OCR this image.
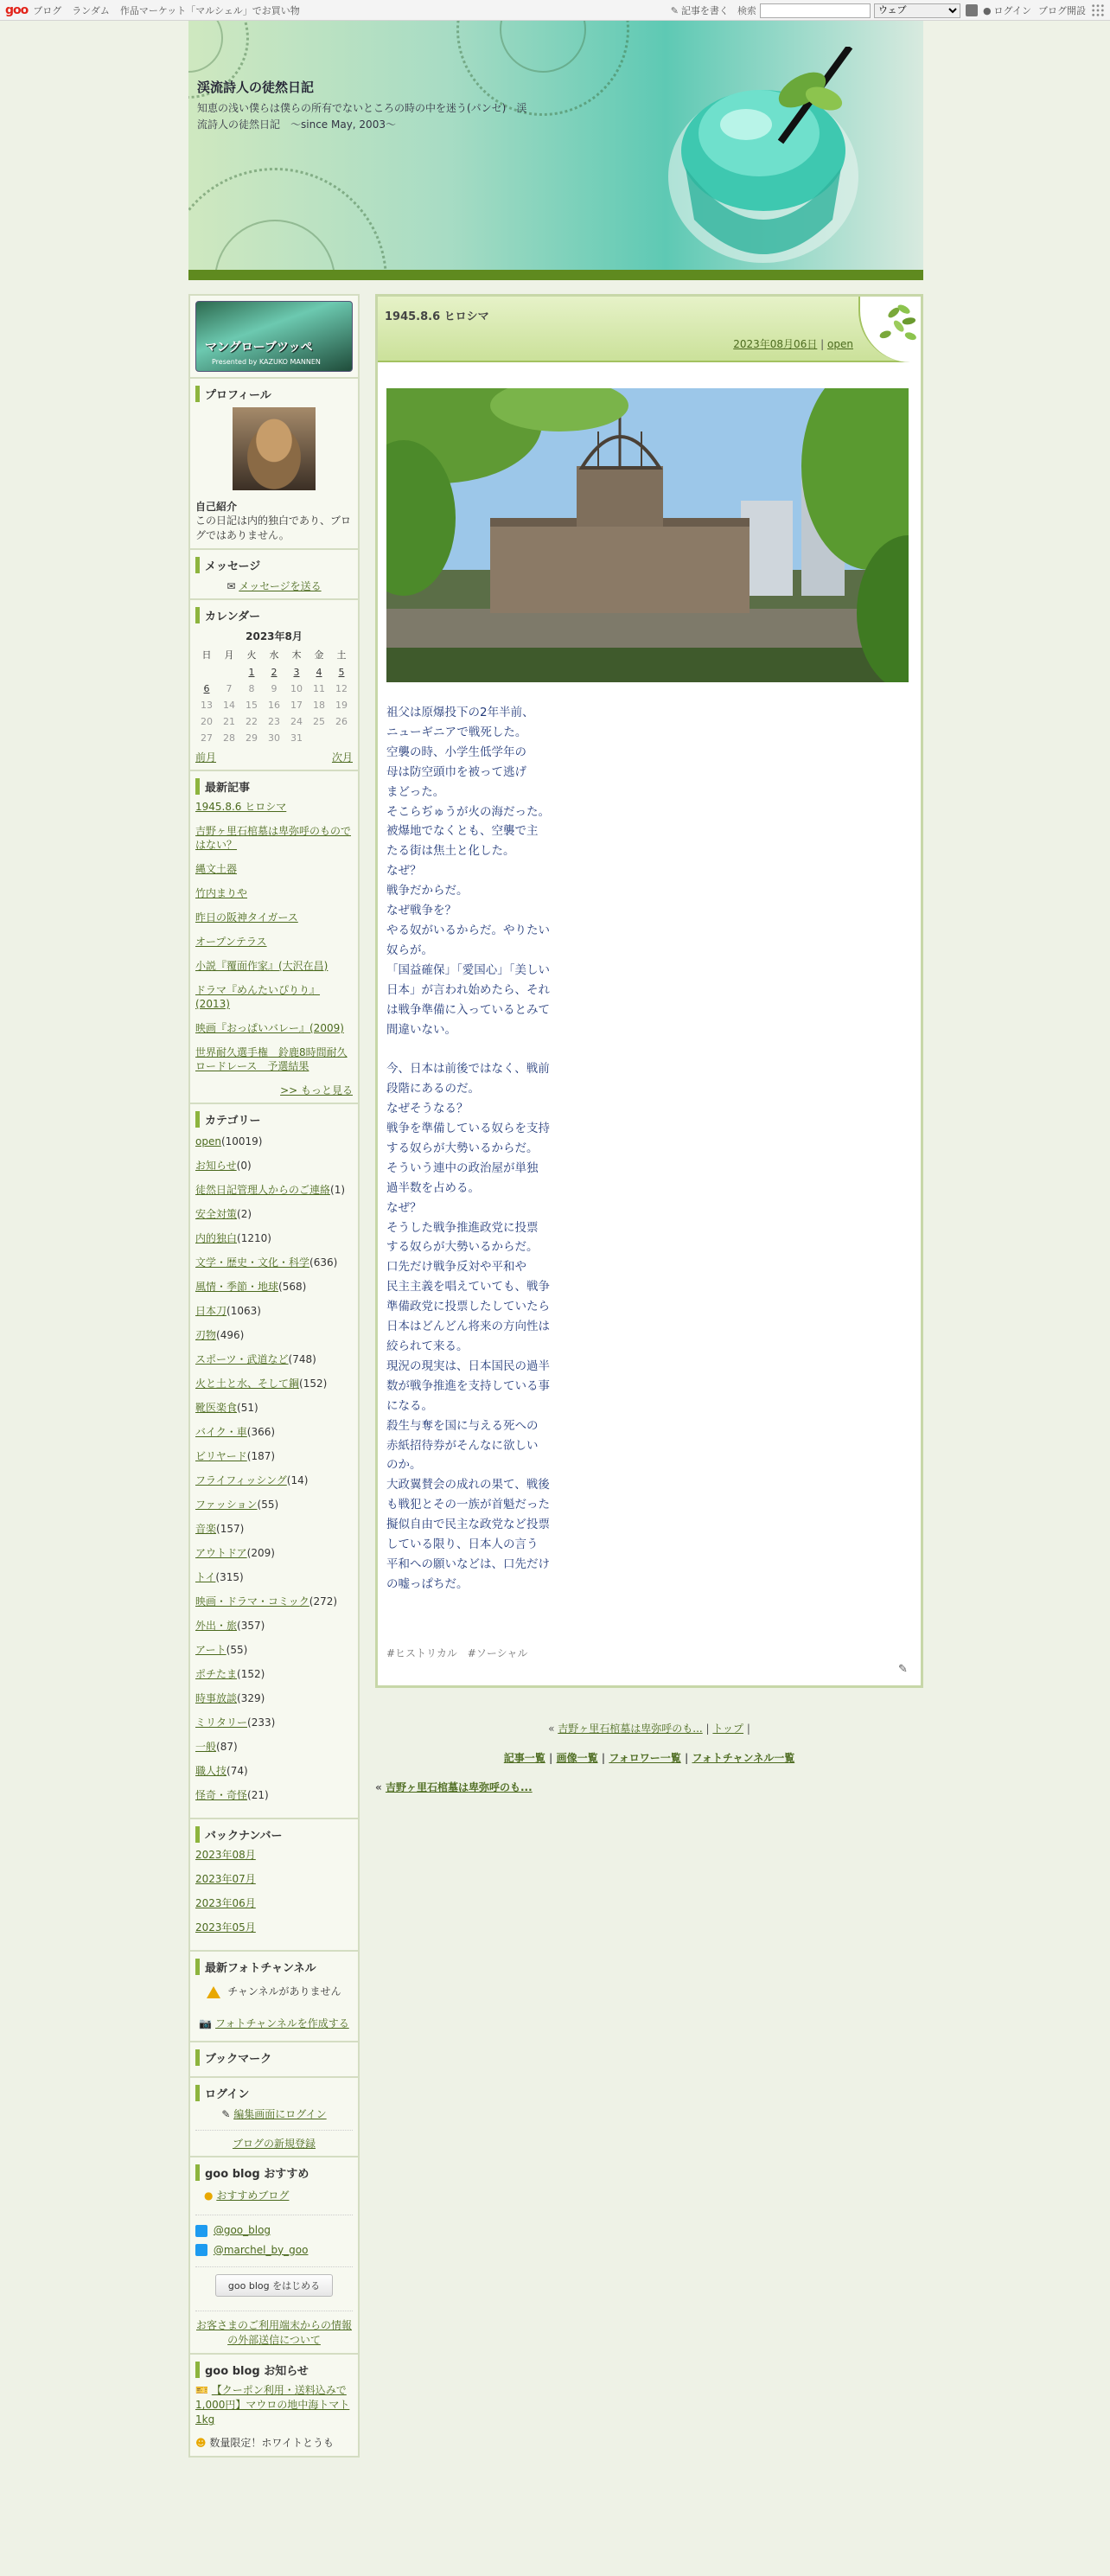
goo ブログ ランダム 作品マーケット「マルシェル」でお買い物	✎ 記事を書く 検索
ウェブ	● ログイン ブログ開設
渓流詩人の徒然日記
知恵の浅い僕らは僕らの所有でないところの時の中を迷う(パンセ)　渓流詩人の徒然日記　～since May, 2003～
マングローブツッペ
Presented by KAZUKO MANNEN
プロフィール
自己紹介
この日記は内的独白であり、ブログではありません。
メッセージ
✉ メッセージを送る
カレンダー
2023年8月
日	月	火	水	木	金	土
		1	2	3	4	5
6	7	8	9	10	11	12
13	14	15	16	17	18	19
20	21	22	23	24	25	26
27	28	29	30	31		
前月	次月
最新記事
1945.8.6 ヒロシマ
吉野ヶ里石棺墓は卑弥呼のものではない？
縄文土器
竹内まりや
昨日の阪神タイガース
オープンテラス
小説『覆面作家』(大沢在昌)
ドラマ『めんたいぴりり』(2013)
映画『おっぱいバレー』(2009)
世界耐久選手権　鈴鹿8時間耐久ロードレース　予選結果
>> もっと見る
カテゴリー
open(10019)
お知らせ(0)
徒然日記管理人からのご連絡(1)
安全対策(2)
内的独白(1210)
文学・歴史・文化・科学(636)
風情・季節・地球(568)
日本刀(1063)
刃物(496)
スポーツ・武道など(748)
火と土と水、そして鋼(152)
靴医楽食(51)
バイク・車(366)
ビリヤード(187)
フライフィッシング(14)
ファッション(55)
音楽(157)
アウトドア(209)
トイ(315)
映画・ドラマ・コミック(272)
外出・旅(357)
アート(55)
ポチたま(152)
時事放談(329)
ミリタリー(233)
一般(87)
職人技(74)
怪奇・奇怪(21)
バックナンバー
2023年08月
2023年07月
2023年06月
2023年05月
最新フォトチャンネル
チャンネルがありません
📷 フォトチャンネルを作成する
ブックマーク
ログイン
✎ 編集画面にログイン
ブログの新規登録
goo blog おすすめ
● おすすめブログ
@goo_blog
@marchel_by_goo
goo blog をはじめる
お客さまのご利用端末からの情報の外部送信について
goo blog お知らせ
🎫 【クーポン利用・送料込みで1,000円】マウロの地中海トマト1kg
☻ 数量限定！ホワイトとうも
1945.8.6 ヒロシマ
2023年08月06日 | open
祖父は原爆投下の2年半前、
ニューギニアで戦死した。
空襲の時、小学生低学年の
母は防空頭巾を被って逃げ
まどった。
そこらぢゅうが火の海だった。
被爆地でなくとも、空襲で主
たる街は焦土と化した。
なぜ？
戦争だからだ。
なぜ戦争を？
やる奴がいるからだ。やりたい
奴らが。
「国益確保」「愛国心」「美しい
日本」が言われ始めたら、それ
は戦争準備に入っているとみて
間違いない。

今、日本は前後ではなく、戦前
段階にあるのだ。
なぜそうなる？
戦争を準備している奴らを支持
する奴らが大勢いるからだ。
そういう連中の政治屋が単独
過半数を占める。
なぜ？
そうした戦争推進政党に投票
する奴らが大勢いるからだ。
口先だけ戦争反対や平和や
民主主義を唱えていても、戦争
準備政党に投票したしていたら
日本はどんどん将来の方向性は
絞られて来る。
現況の現実は、日本国民の過半
数が戦争推進を支持している事
になる。
殺生与奪を国に与える死への
赤紙招待券がそんなに欲しい
のか。
大政翼賛会の成れの果て、戦後
も戦犯とその一族が首魁だった
擬似自由で民主な政党など投票
している限り、日本人の言う
平和への願いなどは、口先だけ
の嘘っぱちだ。
#ヒストリカル #ソーシャル
✎
« 吉野ヶ里石棺墓は卑弥呼のも... | トップ |
記事一覧 | 画像一覧 | フォロワー一覧 | フォトチャンネル一覧
« 吉野ヶ里石棺墓は卑弥呼のも...
